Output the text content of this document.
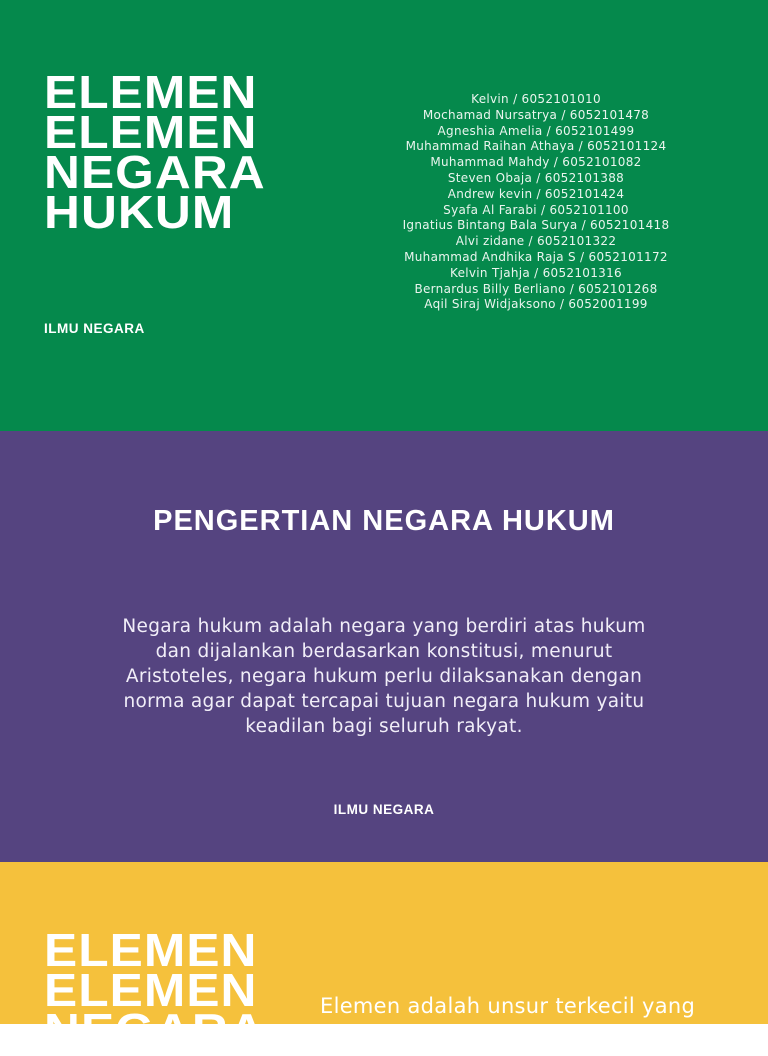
ELEMEN
ELEMEN
NEGARA
HUKUM

ILMU NEGARA

Kelvin / 6052101010
Mochamad Nursatrya / 6052101478
Agneshia Amelia / 6052101499
Muhammad Raihan Athaya / 6052101124
Muhammad Mahdy / 6052101082
Steven Obaja / 6052101388
Andrew kevin / 6052101424
Syafa Al Farabi / 6052101100
Ignatius Bintang Bala Surya / 6052101418
Alvi zidane / 6052101322
Muhammad Andhika Raja S / 6052101172
Kelvin Tjahja / 6052101316
Bernardus Billy Berliano / 6052101268
Aqil Siraj Widjaksono / 6052001199
PENGERTIAN NEGARA HUKUM

Negara hukum adalah negara yang berdiri atas hukum
dan dijalankan berdasarkan konstitusi, menurut
Aristoteles, negara hukum perlu dilaksanakan dengan
norma agar dapat tercapai tujuan negara hukum yaitu
keadilan bagi seluruh rakyat.

ILMU NEGARA

ELEMEN
ELEMEN
NEGARA	Elemen adalah unsur terkecil yang
